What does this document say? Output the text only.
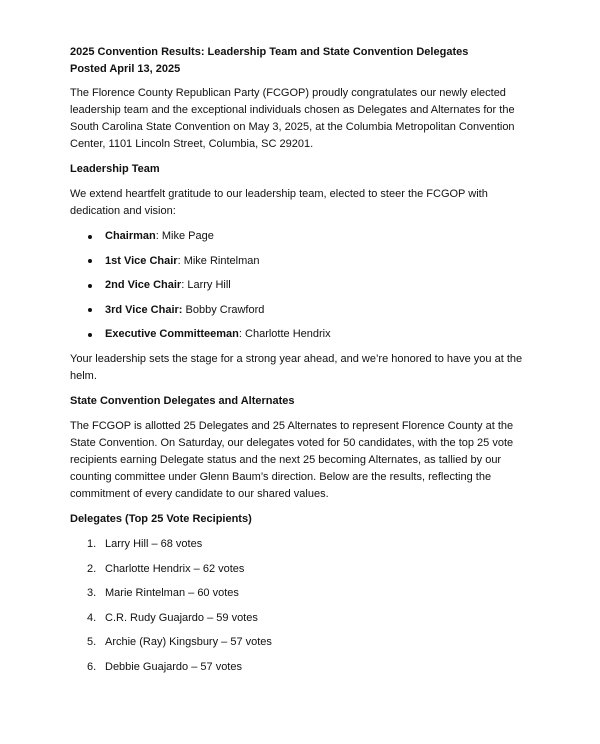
2025 Convention Results: Leadership Team and State Convention Delegates
Posted April 13, 2025

The Florence County Republican Party (FCGOP) proudly congratulates our newly elected leadership team and the exceptional individuals chosen as Delegates and Alternates for the South Carolina State Convention on May 3, 2025, at the Columbia Metropolitan Convention Center, 1101 Lincoln Street, Columbia, SC 29201.

Leadership Team

We extend heartfelt gratitude to our leadership team, elected to steer the FCGOP with dedication and vision:

Chairman: Mike Page
1st Vice Chair: Mike Rintelman
2nd Vice Chair: Larry Hill
3rd Vice Chair: Bobby Crawford
Executive Committeeman: Charlotte Hendrix

Your leadership sets the stage for a strong year ahead, and we’re honored to have you at the helm.

State Convention Delegates and Alternates

The FCGOP is allotted 25 Delegates and 25 Alternates to represent Florence County at the State Convention. On Saturday, our delegates voted for 50 candidates, with the top 25 vote recipients earning Delegate status and the next 25 becoming Alternates, as tallied by our counting committee under Glenn Baum’s direction. Below are the results, reflecting the commitment of every candidate to our shared values.

Delegates (Top 25 Vote Recipients)
1. Larry Hill – 68 votes
2. Charlotte Hendrix – 62 votes
3. Marie Rintelman – 60 votes
4. C.R. Rudy Guajardo – 59 votes
5. Archie (Ray) Kingsbury – 57 votes
6. Debbie Guajardo – 57 votes
